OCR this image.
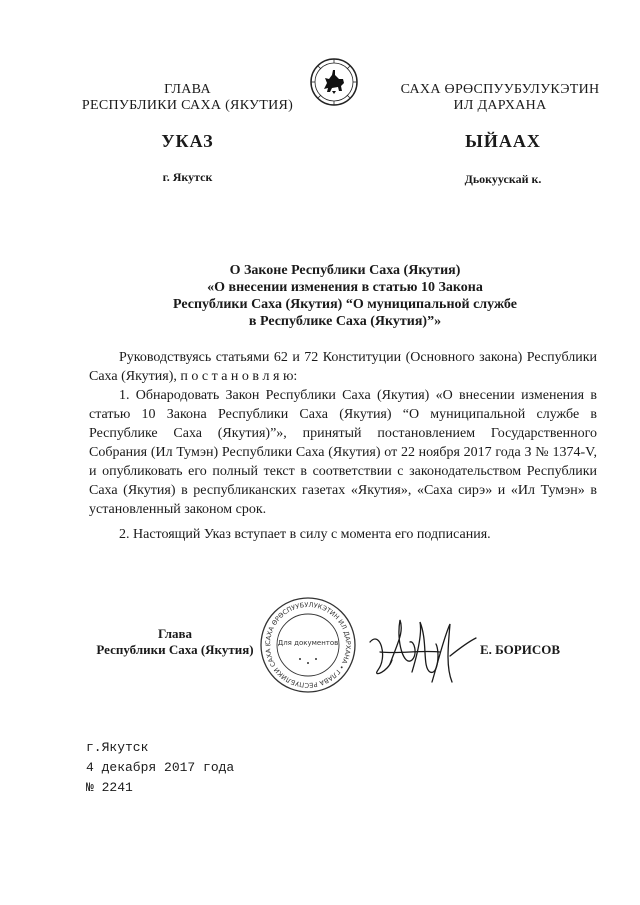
ГЛАВА
РЕСПУБЛИКИ САХА (ЯКУТИЯ)
САХА ӨРӨСПУУБУЛУКЭТИН
ИЛ ДАРХАНА
УКАЗ	ЫЙААХ
г. Якутск	Дьокуускай к.
О Законе Республики Саха (Якутия)
«О внесении изменения в статью 10 Закона
Республики Саха (Якутия) “О муниципальной службе
в Республике Саха (Якутия)”»

Руководствуясь статьями 62 и 72 Конституции (Основного закона) Республики Саха (Якутия), п о с т а н о в л я ю:

1. Обнародовать Закон Республики Саха (Якутия) «О внесении изменения в статью 10 Закона Республики Саха (Якутия) “О муниципальной службе в Республике Саха (Якутия)”», принятый постановлением Государственного Собрания (Ил Тумэн) Республики Саха (Якутия) от 22 ноября 2017 года З № 1374-V, и опубликовать его полный текст в соответствии с законодательством Республики Саха (Якутия) в республиканских газетах «Якутия», «Саха сирэ» и «Ил Тумэн» в установленный законом срок.

2. Настоящий Указ вступает в силу с момента его подписания.

Глава
Республики Саха (Якутия)	САХА ӨРӨСПУУБУЛУКЭТИН ИЛ ДАРХАНА • ГЛАВА РЕСПУБЛИКИ САХА ( Для документов	Е. БОРИСОВ
г.Якутск
4 декабря 2017 года
№ 2241
